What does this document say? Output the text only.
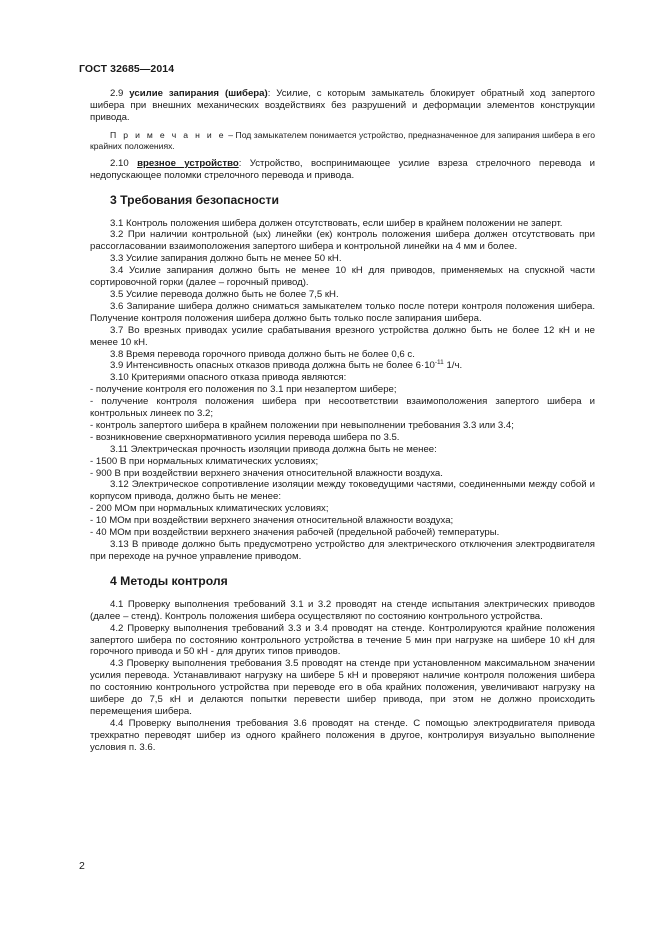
ГОСТ 32685—2014

2.9 усилие запирания (шибера): Усилие, с которым замыкатель блокирует обратный ход запертого шибера при внешних механических воздействиях без разрушений и деформации элементов конструкции привода.

П р и м е ч а н и е – Под замыкателем понимается устройство, предназначенное для запирания шибера в его крайних положениях.

2.10 врезное устройство: Устройство, воспринимающее усилие взреза стрелочного перевода и недопускающее поломки стрелочного перевода и привода.

3 Требования безопасности

3.1 Контроль положения шибера должен отсутствовать, если шибер в крайнем положении не заперт.

3.2 При наличии контрольной (ых) линейки (ек) контроль положения шибера должен отсутствовать при рассогласовании взаимоположения запертого шибера и контрольной линейки на 4 мм и более.

3.3 Усилие запирания должно быть не менее 50 кН.

3.4 Усилие запирания должно быть не менее 10 кН для приводов, применяемых на спускной части сортировочной горки (далее – горочный привод).

3.5 Усилие перевода должно быть не более 7,5 кН.

3.6 Запирание шибера должно сниматься замыкателем только после потери контроля положения шибера. Получение контроля положения шибера должно быть только после запирания шибера.

3.7 Во врезных приводах усилие срабатывания врезного устройства должно быть не более 12 кН и не менее 10 кН.

3.8 Время перевода горочного привода должно быть не более 0,6 с.

3.9 Интенсивность опасных отказов привода должна быть не более $6\cdot 10^{-11}$ 1/ч.

3.10 Критериями опасного отказа привода являются:

- получение контроля его положения по 3.1 при незапертом шибере;

- получение контроля положения шибера при несоответствии взаимоположения запертого шибера и контрольных линеек по 3.2;

- контроль запертого шибера в крайнем положении при невыполнении требования 3.3 или 3.4;

- возникновение сверхнормативного усилия перевода шибера по 3.5.

3.11 Электрическая прочность изоляции привода должна быть не менее:

- 1500 В при нормальных климатических условиях;

- 900 В при воздействии верхнего значения относительной влажности воздуха.

3.12 Электрическое сопротивление изоляции между токоведущими частями, соединенными между собой и корпусом привода, должно быть не менее:

- 200 МОм при нормальных климатических условиях;

- 10 МОм при воздействии верхнего значения относительной влажности воздуха;

- 40 МОм при воздействии верхнего значения рабочей (предельной рабочей) температуры.

3.13 В приводе должно быть предусмотрено устройство для электрического отключения электродвигателя при переходе на ручное управление приводом.

4 Методы контроля

4.1 Проверку выполнения требований 3.1 и 3.2 проводят на стенде испытания электрических приводов (далее – стенд). Контроль положения шибера осуществляют по состоянию контрольного устройства.

4.2 Проверку выполнения требований 3.3 и 3.4 проводят на стенде. Контролируются крайние положения запертого шибера по состоянию контрольного устройства в течение 5 мин при нагрузке на шибере 10 кН для горочного привода и 50 кН - для других типов приводов.

4.3 Проверку выполнения требования 3.5 проводят на стенде при установленном максимальном значении усилия перевода. Устанавливают нагрузку на шибере 5 кН и проверяют наличие контроля положения шибера по состоянию контрольного устройства при переводе его в оба крайних положения, увеличивают нагрузку на шибере до 7,5 кН и делаются попытки перевести шибер привода, при этом не должно происходить перемещения шибера.

4.4 Проверку выполнения требования 3.6 проводят на стенде. С помощью электродвигателя привода трехкратно переводят шибер из одного крайнего положения в другое, контролируя визуально выполнение условия п. 3.6.

2
